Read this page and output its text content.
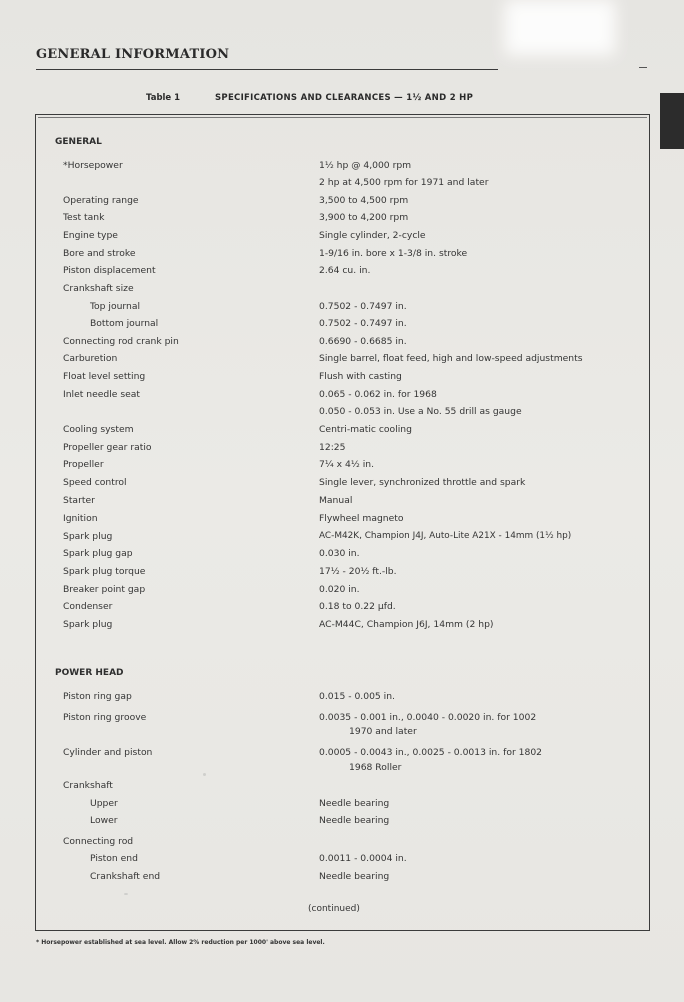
GENERAL INFORMATION
Table 1	SPECIFICATIONS AND CLEARANCES — 1½ AND 2 HP
GENERAL
*Horsepower	1½ hp @ 4,000 rpm
2 hp at 4,500 rpm for 1971 and later
Operating range	3,500 to 4,500 rpm
Test tank	3,900 to 4,200 rpm
Engine type	Single cylinder, 2-cycle
Bore and stroke	1-9/16 in. bore x 1-3/8 in. stroke
Piston displacement	2.64 cu. in.
Crankshaft size
Top journal	0.7502 - 0.7497 in.
Bottom journal	0.7502 - 0.7497 in.
Connecting rod crank pin	0.6690 - 0.6685 in.
Carburetion	Single barrel, float feed, high and low-speed adjustments
Float level setting	Flush with casting
Inlet needle seat	0.065 - 0.062 in. for 1968
0.050 - 0.053 in. Use a No. 55 drill as gauge
Cooling system	Centri-matic cooling
Propeller gear ratio	12:25
Propeller	7¼ x 4½ in.
Speed control	Single lever, synchronized throttle and spark
Starter	Manual
Ignition	Flywheel magneto
Spark plug	AC-M42K, Champion J4J, Auto-Lite A21X - 14mm (1½ hp)
Spark plug gap	0.030 in.
Spark plug torque	17½ - 20½ ft.-lb.
Breaker point gap	0.020 in.
Condenser	0.18 to 0.22 µfd.
Spark plug	AC-M44C, Champion J6J, 14mm (2 hp)
POWER HEAD
Piston ring gap	0.015 - 0.005 in.
Piston ring groove	0.0035 - 0.001 in., 0.0040 - 0.0020 in. for 1002
1970 and later
Cylinder and piston	0.0005 - 0.0043 in., 0.0025 - 0.0013 in. for 1802
1968 Roller
Crankshaft
Upper	Needle bearing
Lower	Needle bearing
Connecting rod
Piston end	0.0011 - 0.0004 in.
Crankshaft end	Needle bearing
(continued)
* Horsepower established at sea level. Allow 2% reduction per 1000' above sea level.
